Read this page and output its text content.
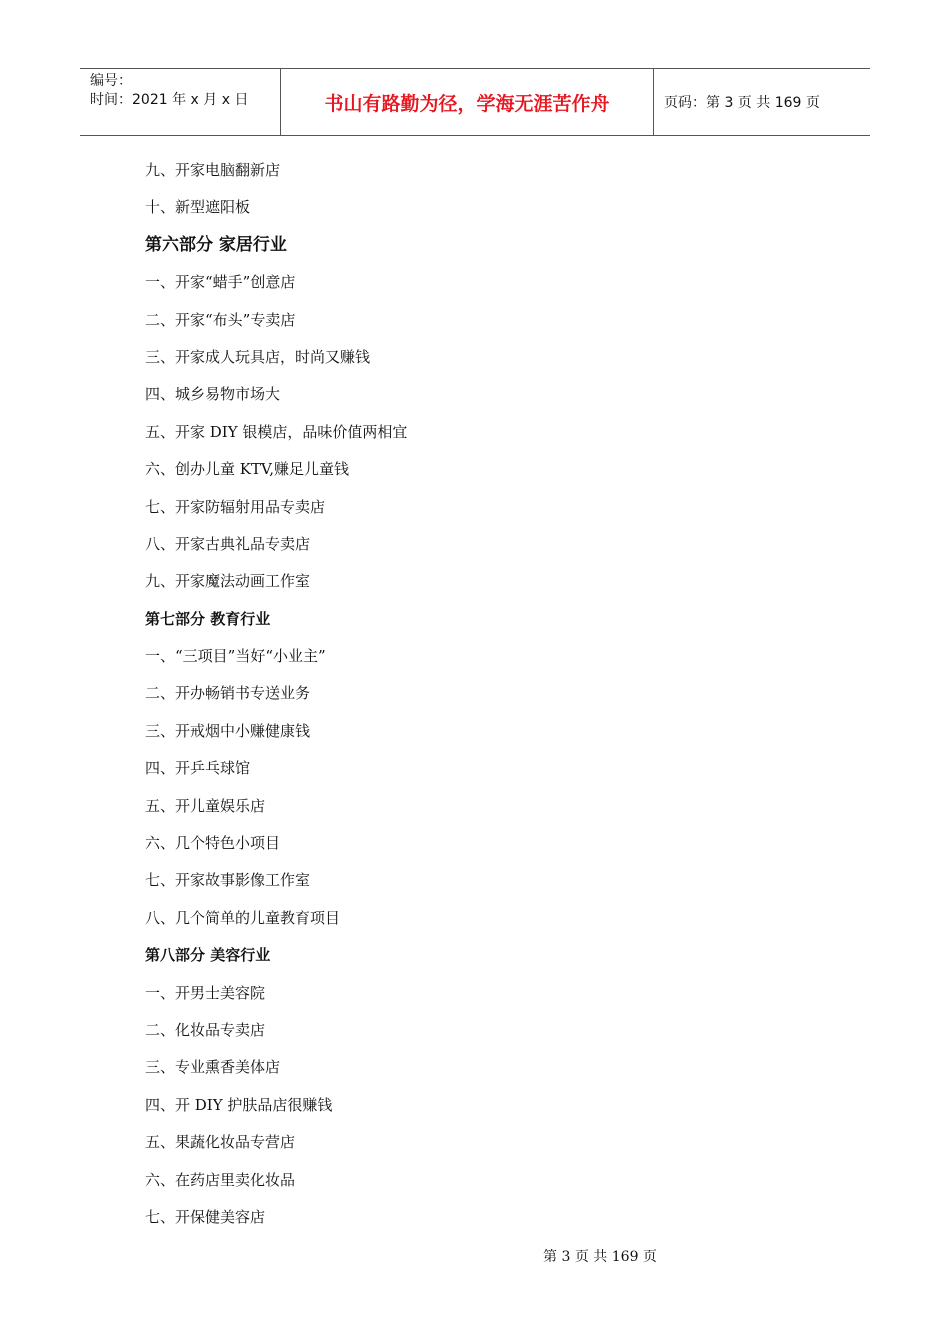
编号：
时间：2021 年 x 月 x 日	书山有路勤为径，学海无涯苦作舟	页码：第 3 页 共 169 页
九、开家电脑翻新店
十、新型遮阳板
第六部分 家居行业
一、开家“蜡手”创意店
二、开家“布头”专卖店
三、开家成人玩具店，时尚又赚钱
四、城乡易物市场大
五、开家 DIY 银模店，品味价值两相宜
六、创办儿童 KTV,赚足儿童钱
七、开家防辐射用品专卖店
八、开家古典礼品专卖店
九、开家魔法动画工作室
第七部分 教育行业
一、“三项目”当好“小业主”
二、开办畅销书专送业务
三、开戒烟中小赚健康钱
四、开乒乓球馆
五、开儿童娱乐店
六、几个特色小项目
七、开家故事影像工作室
八、几个简单的儿童教育项目
第八部分 美容行业
一、开男士美容院
二、化妆品专卖店
三、专业熏香美体店
四、开 DIY 护肤品店很赚钱
五、果蔬化妆品专营店
六、在药店里卖化妆品
七、开保健美容店
第 3 页 共 169 页
